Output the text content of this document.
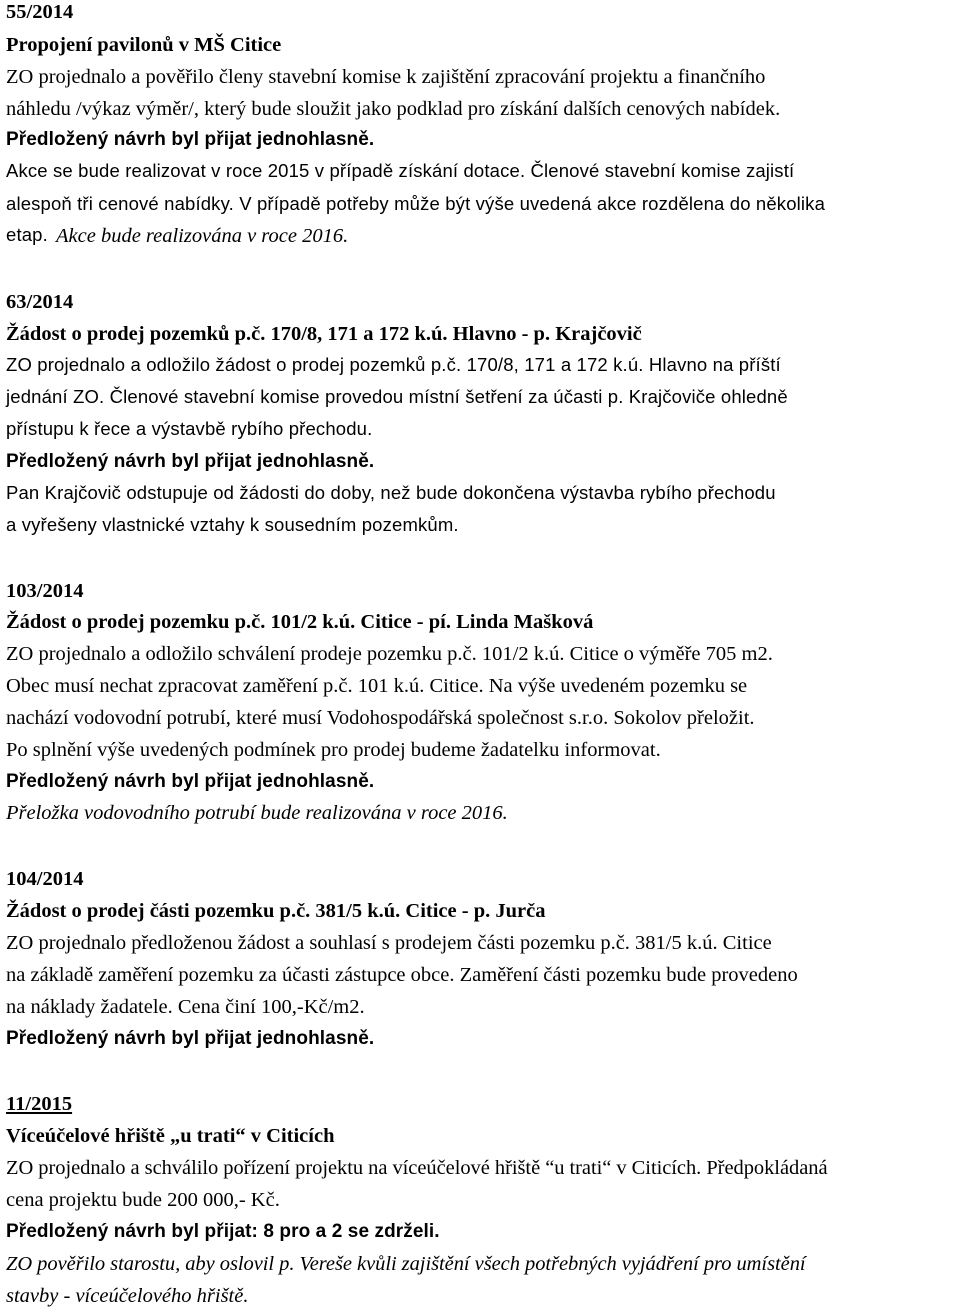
55/2014
Propojení pavilonů v MŠ Citice
ZO projednalo a pověřilo členy stavební komise k zajištění zpracování projektu a finančního
náhledu /výkaz výměr/, který bude sloužit jako podklad pro získání dalších cenových nabídek.
Předložený návrh byl přijat jednohlasně.
Akce se bude realizovat v roce 2015 v případě získání dotace. Členové stavební komise zajistí
alespoň tři cenové nabídky. V případě potřeby může být výše uvedená akce rozdělena do několika
etap. Akce bude realizována v roce 2016.
63/2014
Žádost o prodej pozemků p.č. 170/8, 171 a 172 k.ú. Hlavno - p. Krajčovič
ZO projednalo a odložilo žádost o prodej pozemků p.č. 170/8, 171 a 172 k.ú. Hlavno na příští
jednání ZO. Členové stavební komise provedou místní šetření za účasti p. Krajčoviče ohledně
přístupu k řece a výstavbě rybího přechodu.
Předložený návrh byl přijat jednohlasně.
Pan Krajčovič odstupuje od žádosti do doby, než bude dokončena výstavba rybího přechodu
a vyřešeny vlastnické vztahy k sousedním pozemkům.
103/2014
Žádost o prodej pozemku p.č. 101/2 k.ú. Citice - pí. Linda Mašková
ZO projednalo a odložilo schválení prodeje pozemku p.č. 101/2 k.ú. Citice o výměře 705 m2.
Obec musí nechat zpracovat zaměření p.č. 101 k.ú. Citice. Na výše uvedeném pozemku se
nachází vodovodní potrubí, které musí Vodohospodářská společnost s.r.o. Sokolov přeložit.
Po splnění výše uvedených podmínek pro prodej budeme žadatelku informovat.
Předložený návrh byl přijat jednohlasně.
Přeložka vodovodního potrubí bude realizována v roce 2016.
104/2014
Žádost o prodej části pozemku p.č. 381/5 k.ú. Citice - p. Jurča
ZO projednalo předloženou žádost a souhlasí s prodejem části pozemku p.č. 381/5 k.ú. Citice
na základě zaměření pozemku za účasti zástupce obce. Zaměření části pozemku bude provedeno
na náklady žadatele. Cena činí 100,-Kč/m2.
Předložený návrh byl přijat jednohlasně.
11/2015
Víceúčelové hřiště „u trati“ v Citicích
ZO projednalo a schválilo pořízení projektu na víceúčelové hřiště “u trati“ v Citicích. Předpokládaná
cena projektu bude 200 000,- Kč.
Předložený návrh byl přijat: 8 pro a 2 se zdrželi.
ZO pověřilo starostu, aby oslovil p. Vereše kvůli zajištění všech potřebných vyjádření pro umístění
stavby - víceúčelového hřiště.
